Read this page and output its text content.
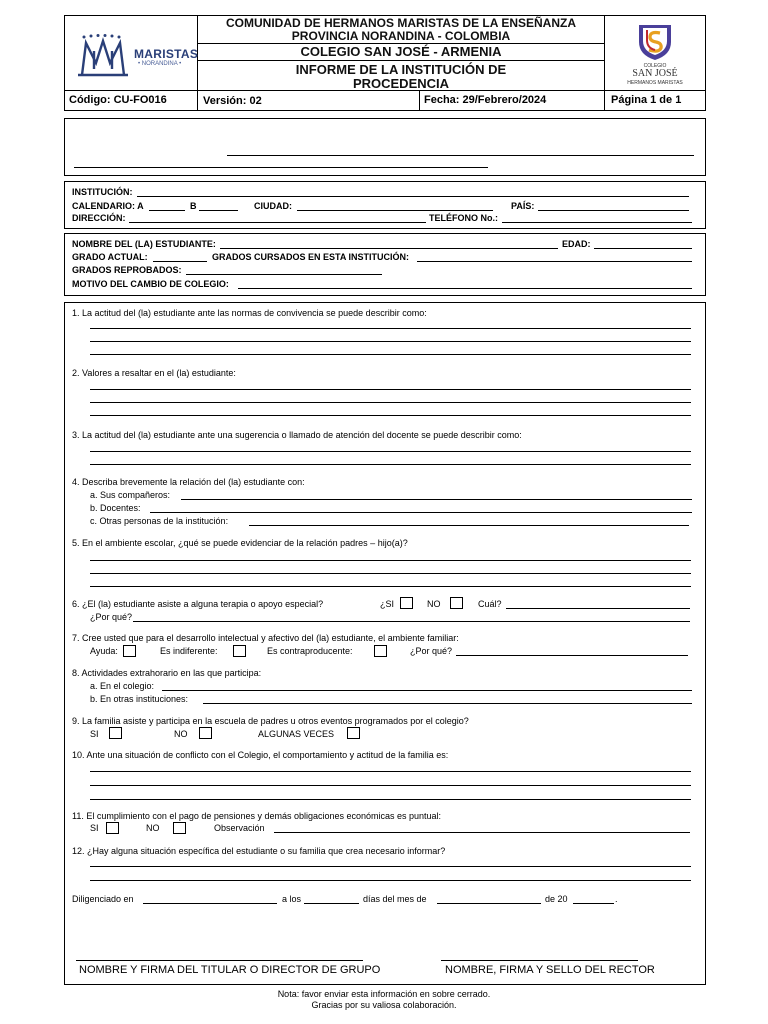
COMUNIDAD DE HERMANOS MARISTAS DE LA ENSEÑANZA
PROVINCIA NORANDINA - COLOMBIA
COLEGIO SAN JOSÉ - ARMENIA
INFORME DE LA INSTITUCIÓN DE
PROCEDENCIA
MARISTAS
• NORANDINA •	COLEGIO
SAN JOSÉ
HERMANOS MARISTAS
Código: CU-FO016	Versión: 02	Fecha: 29/Febrero/2024	Página 1 de 1
INSTITUCIÓN:
CALENDARIO: A	B	CIUDAD:	PAÍS:
DIRECCIÓN:	TELÉFONO No.:
NOMBRE DEL (LA) ESTUDIANTE:	EDAD:
GRADO ACTUAL:	GRADOS CURSADOS EN ESTA INSTITUCIÓN:
GRADOS REPROBADOS:
MOTIVO DEL CAMBIO DE COLEGIO:
1. La actitud del (la) estudiante ante las normas de convivencia se puede describir como:
2. Valores a resaltar en el (la) estudiante:
3. La actitud del (la) estudiante ante una sugerencia o llamado de atención del docente se puede describir como:
4. Describa brevemente la relación del (la) estudiante con:
a. Sus compañeros:
b. Docentes:
c. Otras personas de la institución:
5. En el ambiente escolar, ¿qué se puede evidenciar de la relación padres – hijo(a)?
6. ¿El (la) estudiante asiste a alguna terapia o apoyo especial?	¿SI	NO	Cuál?
¿Por qué?
7. Cree usted que para el desarrollo intelectual y afectivo del (la) estudiante, el ambiente familiar:
Ayuda:	Es indiferente:	Es contraproducente:	¿Por qué?
8. Actividades extrahorario en las que participa:
a. En el colegio:
b. En otras instituciones:
9. La familia asiste y participa en la escuela de padres u otros eventos programados por el colegio?
SI	NO	ALGUNAS VECES
10. Ante una situación de conflicto con el Colegio, el comportamiento y actitud de la familia es:
11. El cumplimiento con el pago de pensiones y demás obligaciones económicas es puntual:
SI	NO	Observación
12. ¿Hay alguna situación específica del estudiante o su familia que crea necesario informar?
Diligenciado en	a los	días del mes de	de 20	.
NOMBRE Y FIRMA DEL TITULAR O DIRECTOR DE GRUPO	NOMBRE, FIRMA Y SELLO DEL RECTOR
Nota: favor enviar esta información en sobre cerrado.
Gracias por su valiosa colaboración.
